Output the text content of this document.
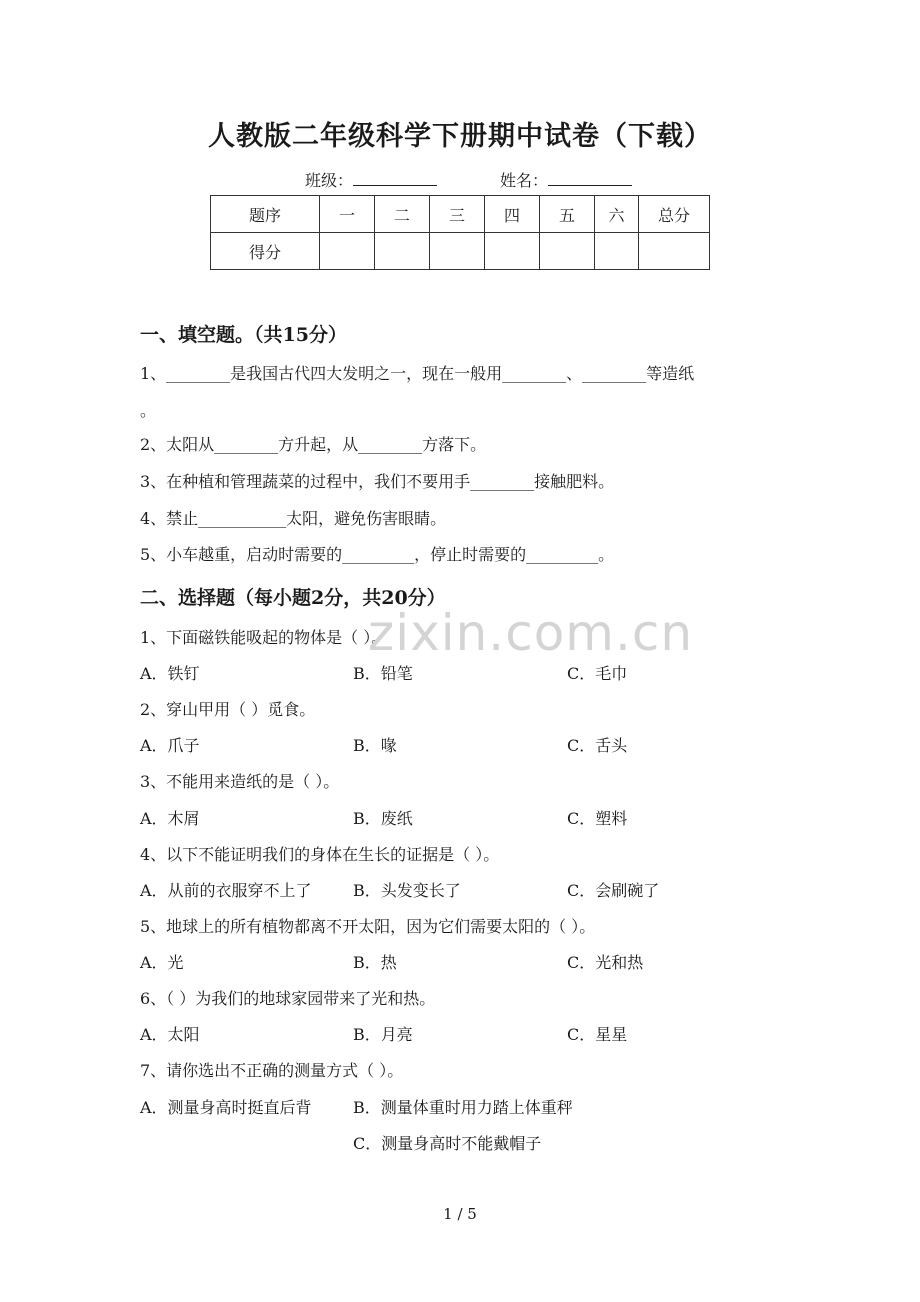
人教版二年级科学下册期中试卷（下载）
班级：	姓名：
题序	一	二	三	四	五	六	总分
得分							
一、填空题。（共15分）
1、________是我国古代四大发明之一，现在一般用________、________等造纸
。
2、太阳从________方升起，从________方落下。
3、在种植和管理蔬菜的过程中，我们不要用手________接触肥料。
4、禁止___________太阳，避免伤害眼睛。
5、小车越重，启动时需要的_________，停止时需要的_________。
二、选择题（每小题2分，共20分）
1、下面磁铁能吸起的物体是（ ）。
A．铁钉	B．铅笔	C．毛巾
2、穿山甲用（ ）觅食。
A．爪子	B．喙	C．舌头
3、不能用来造纸的是（ ）。
A．木屑	B．废纸	C．塑料
4、以下不能证明我们的身体在生长的证据是（ ）。
A．从前的衣服穿不上了	B．头发变长了	C．会刷碗了
5、地球上的所有植物都离不开太阳，因为它们需要太阳的（ ）。
A．光	B．热	C．光和热
6、（ ）为我们的地球家园带来了光和热。
A．太阳	B．月亮	C．星星
7、请你选出不正确的测量方式（ ）。
A．测量身高时挺直后背	B．测量体重时用力踏上体重秤
C．测量身高时不能戴帽子
zixin.com.cn
1 / 5
